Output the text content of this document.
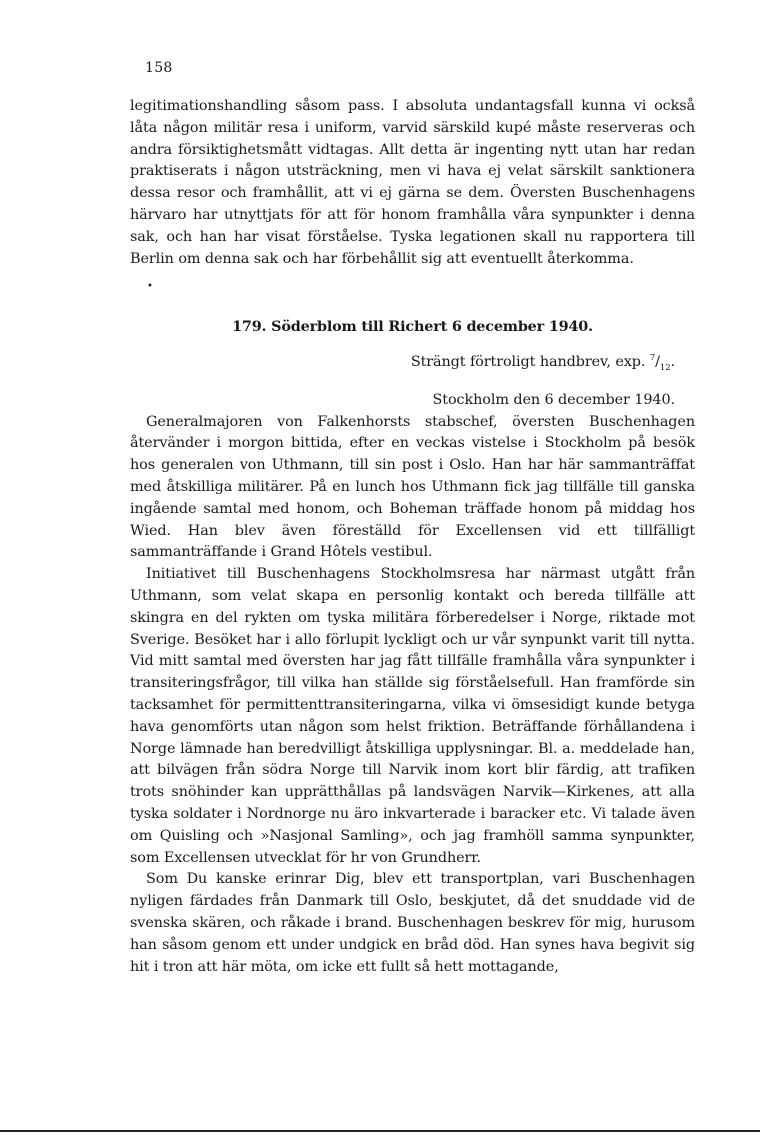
158

legitimationshandling såsom pass. I absoluta undantagsfall kunna vi också låta någon militär resa i uniform, varvid särskild kupé måste reserveras och andra försiktighetsmått vidtagas. Allt detta är ingenting nytt utan har redan praktiserats i någon utsträckning, men vi hava ej velat särskilt sanktionera dessa resor och framhållit, att vi ej gärna se dem. Översten Buschenhagens härvaro har utnyttjats för att för honom framhålla våra synpunkter i denna sak, och han har visat förståelse. Tyska legationen skall nu rapportera till Berlin om denna sak och har förbehållit sig att eventuellt återkomma.

179. Söderblom till Richert 6 december 1940.
Strängt förtroligt handbrev, exp. $^7/_{12}$.
Stockholm den 6 december 1940.

Generalmajoren von Falkenhorsts stabschef, översten Buschenhagen återvänder i morgon bittida, efter en veckas vistelse i Stockholm på besök hos generalen von Uthmann, till sin post i Oslo. Han har här sammanträffat med åtskilliga militärer. På en lunch hos Uthmann fick jag tillfälle till ganska ingående samtal med honom, och Boheman träffade honom på middag hos Wied. Han blev även föreställd för Excellensen vid ett tillfälligt sammanträffande i Grand Hôtels vestibul.

Initiativet till Buschenhagens Stockholmsresa har närmast utgått från Uthmann, som velat skapa en personlig kontakt och bereda tillfälle att skingra en del rykten om tyska militära förberedelser i Norge, riktade mot Sverige. Besöket har i allo förlupit lyckligt och ur vår synpunkt varit till nytta. Vid mitt samtal med översten har jag fått tillfälle framhålla våra synpunkter i transiteringsfrågor, till vilka han ställde sig förståelsefull. Han framförde sin tacksamhet för permittenttransiteringarna, vilka vi ömsesidigt kunde betyga hava genomförts utan någon som helst friktion. Beträffande förhållandena i Norge lämnade han beredvilligt åtskilliga upplysningar. Bl. a. meddelade han, att bilvägen från södra Norge till Narvik inom kort blir färdig, att trafiken trots snöhinder kan upprätthållas på landsvägen Narvik—Kirkenes, att alla tyska soldater i Nordnorge nu äro inkvarterade i baracker etc. Vi talade även om Quisling och »Nasjonal Samling», och jag framhöll samma synpunkter, som Excellensen utvecklat för hr von Grundherr.

Som Du kanske erinrar Dig, blev ett transportplan, vari Buschenhagen nyligen färdades från Danmark till Oslo, beskjutet, då det snuddade vid de svenska skären, och råkade i brand. Buschenhagen beskrev för mig, hurusom han såsom genom ett under undgick en bråd död. Han synes hava begivit sig hit i tron att här möta, om icke ett fullt så hett mottagande,

•
